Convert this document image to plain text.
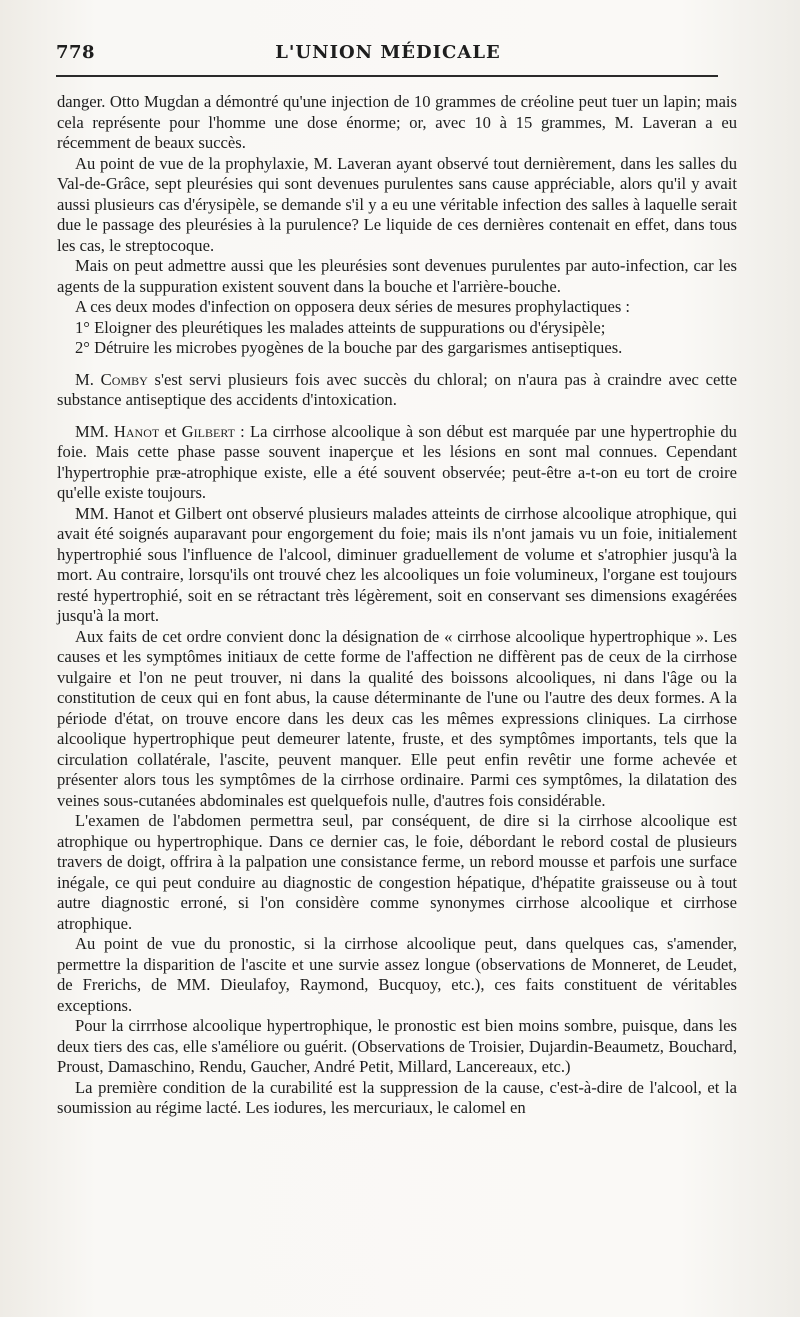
778	L'UNION MÉDICALE

danger. Otto Mugdan a démontré qu'une injection de 10 grammes de créoline peut tuer un lapin; mais cela représente pour l'homme une dose énorme; or, avec 10 à 15 grammes, M. Laveran a eu récemment de beaux succès.

Au point de vue de la prophylaxie, M. Laveran ayant observé tout dernièrement, dans les salles du Val-de-Grâce, sept pleurésies qui sont devenues purulentes sans cause appréciable, alors qu'il y avait aussi plusieurs cas d'érysipèle, se demande s'il y a eu une véritable infection des salles à laquelle serait due le passage des pleurésies à la purulence? Le liquide de ces dernières contenait en effet, dans tous les cas, le streptocoque.

Mais on peut admettre aussi que les pleurésies sont devenues purulentes par auto-infection, car les agents de la suppuration existent souvent dans la bouche et l'arrière-bouche.

A ces deux modes d'infection on opposera deux séries de mesures prophylactiques :

1° Eloigner des pleurétiques les malades atteints de suppurations ou d'érysipèle;

2° Détruire les microbes pyogènes de la bouche par des gargarismes antiseptiques.

M. Comby s'est servi plusieurs fois avec succès du chloral; on n'aura pas à craindre avec cette substance antiseptique des accidents d'intoxication.

MM. Hanot et Gilbert : La cirrhose alcoolique à son début est marquée par une hypertrophie du foie. Mais cette phase passe souvent inaperçue et les lésions en sont mal connues. Cependant l'hypertrophie præ-atrophique existe, elle a été souvent observée; peut-être a-t-on eu tort de croire qu'elle existe toujours.

MM. Hanot et Gilbert ont observé plusieurs malades atteints de cirrhose alcoolique atrophique, qui avait été soignés auparavant pour engorgement du foie; mais ils n'ont jamais vu un foie, initialement hypertrophié sous l'influence de l'alcool, diminuer graduellement de volume et s'atrophier jusqu'à la mort. Au contraire, lorsqu'ils ont trouvé chez les alcooliques un foie volumineux, l'organe est toujours resté hypertrophié, soit en se rétractant très légèrement, soit en conservant ses dimensions exagérées jusqu'à la mort.

Aux faits de cet ordre convient donc la désignation de « cirrhose alcoolique hypertrophique ». Les causes et les symptômes initiaux de cette forme de l'affection ne diffèrent pas de ceux de la cirrhose vulgaire et l'on ne peut trouver, ni dans la qualité des boissons alcooliques, ni dans l'âge ou la constitution de ceux qui en font abus, la cause déterminante de l'une ou l'autre des deux formes. A la période d'état, on trouve encore dans les deux cas les mêmes expressions cliniques. La cirrhose alcoolique hypertrophique peut demeurer latente, fruste, et des symptômes importants, tels que la circulation collatérale, l'ascite, peuvent manquer. Elle peut enfin revêtir une forme achevée et présenter alors tous les symptômes de la cirrhose ordinaire. Parmi ces symptômes, la dilatation des veines sous-cutanées abdominales est quelquefois nulle, d'autres fois considérable.

L'examen de l'abdomen permettra seul, par conséquent, de dire si la cirrhose alcoolique est atrophique ou hypertrophique. Dans ce dernier cas, le foie, débordant le rebord costal de plusieurs travers de doigt, offrira à la palpation une consistance ferme, un rebord mousse et parfois une surface inégale, ce qui peut conduire au diagnostic de congestion hépatique, d'hépatite graisseuse ou à tout autre diagnostic erroné, si l'on considère comme synonymes cirrhose alcoolique et cirrhose atrophique.

Au point de vue du pronostic, si la cirrhose alcoolique peut, dans quelques cas, s'amender, permettre la disparition de l'ascite et une survie assez longue (observations de Monneret, de Leudet, de Frerichs, de MM. Dieulafoy, Raymond, Bucquoy, etc.), ces faits constituent de véritables exceptions.

Pour la cirrrhose alcoolique hypertrophique, le pronostic est bien moins sombre, puisque, dans les deux tiers des cas, elle s'améliore ou guérit. (Observations de Troisier, Dujardin-Beaumetz, Bouchard, Proust, Damaschino, Rendu, Gaucher, André Petit, Millard, Lancereaux, etc.)

La première condition de la curabilité est la suppression de la cause, c'est-à-dire de l'alcool, et la soumission au régime lacté. Les iodures, les mercuriaux, le calomel en
